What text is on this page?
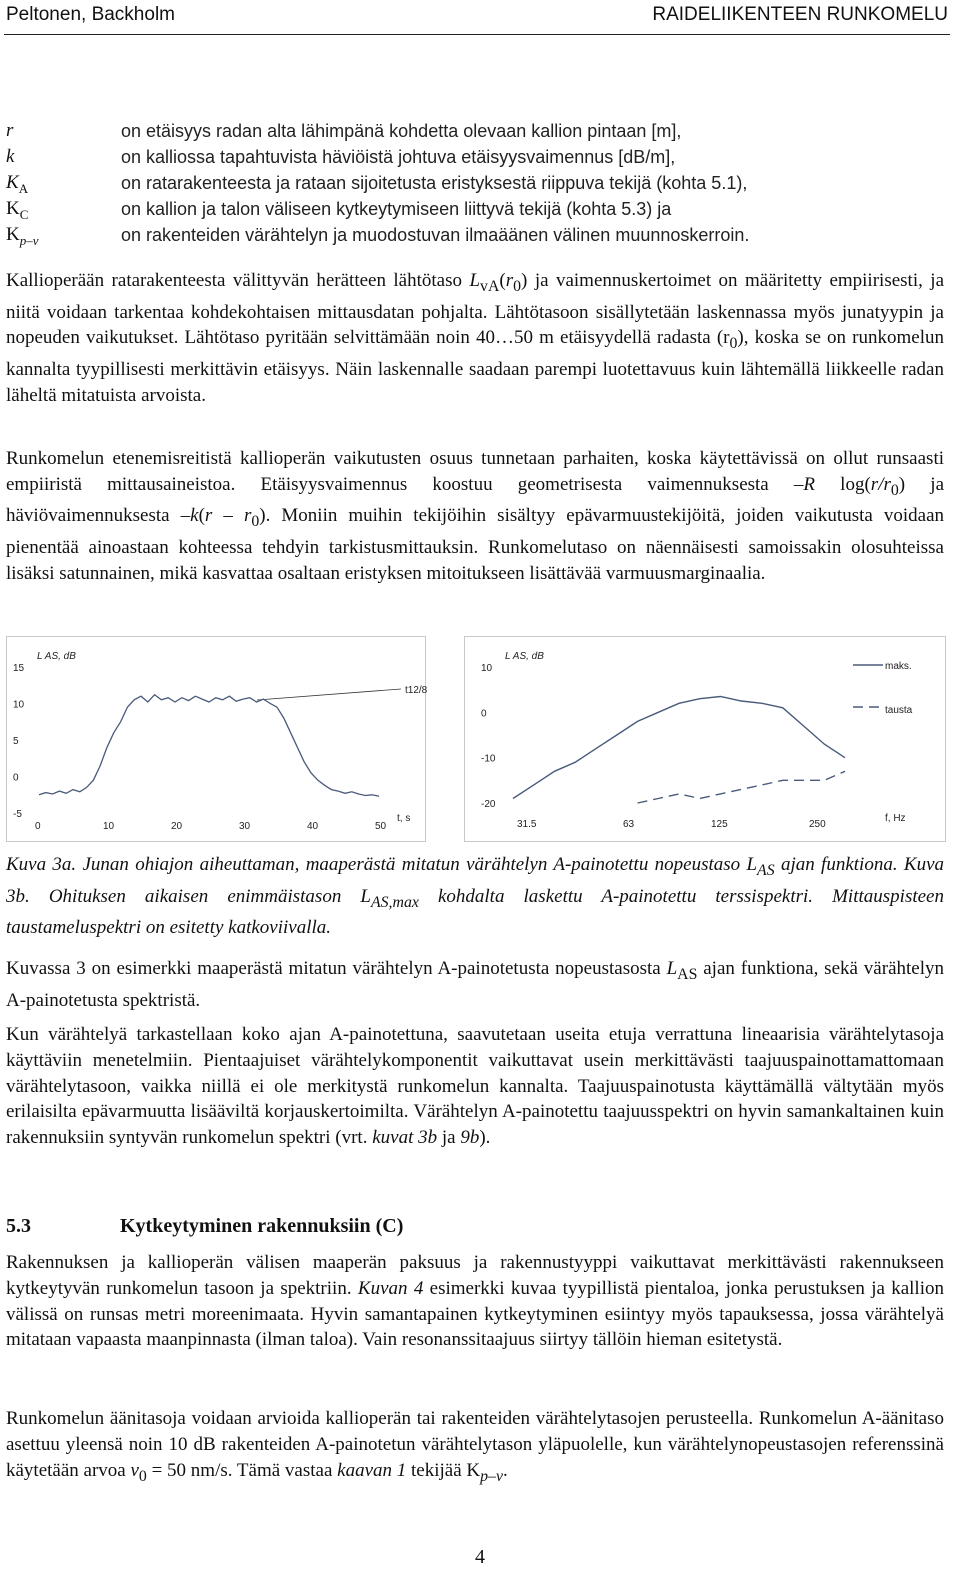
Peltonen, Backholm	RAIDELIIKENTEEN RUNKOMELU
r	on etäisyys radan alta lähimpänä kohdetta olevaan kallion pintaan [m],
k	on kalliossa tapahtuvista häviöistä johtuva etäisyysvaimennus [dB/m],
$K_A$	on ratarakenteesta ja rataan sijoitetusta eristyksestä riippuva tekijä (kohta 5.1),
$K_C$	on kallion ja talon väliseen kytkeytymiseen liittyvä tekijä (kohta 5.3) ja
$K_{p-v}$	on rakenteiden värähtelyn ja muodostuvan ilmaäänen välinen muunnoskerroin.

Kallioperään ratarakenteesta välittyvän herätteen lähtötaso $L_{vA}(r_0)$ ja vaimennuskertoimet on määritetty empiirisesti, ja niitä voidaan tarkentaa kohdekohtaisen mittausdatan pohjalta. Lähtötasoon sisällytetään laskennassa myös junatyypin ja nopeuden vaikutukset. Lähtötaso pyritään selvittämään noin 40…50 m etäisyydellä radasta $(r_0)$, koska se on runkomelun kannalta tyypillisesti merkittävin etäisyys. Näin laskennalle saadaan parempi luotettavuus kuin lähtemällä liikkeelle radan läheltä mitatuista arvoista.

Runkomelun etenemisreitistä kallioperän vaikutusten osuus tunnetaan parhaiten, koska käytettävissä on ollut runsaasti empiiristä mittausaineistoa. Etäisyysvaimennus koostuu geometrisesta vaimennuksesta –R $\log(r/r_0)$ ja häviövaimennuksesta $-k(r - r_0)$. Moniin muihin tekijöihin sisältyy epävarmuustekijöitä, joiden vaikutusta voidaan pienentää ainoastaan kohteessa tehdyin tarkistusmittauksin. Runkomelutaso on näennäisesti samoissakin olosuhteissa lisäksi satunnainen, mikä kasvattaa osaltaan eristyksen mitoitukseen lisättävää varmuusmarginaalia.

15
10
5
0
-5
0	10	20	30	40	50
L AS, dB
t, s
t12/8
10
0
-10
-20
31.5	63	125	250
L AS, dB
f, Hz
maks.
tausta

Kuva 3a. Junan ohiajon aiheuttaman, maaperästä mitatun värähtelyn A-painotettu nopeustaso $L_{AS}$ ajan funktiona. Kuva 3b. Ohituksen aikaisen enimmäistason $L_{AS,max}$ kohdalta laskettu A-painotettu terssispektri. Mittauspisteen taustameluspektri on esitetty katkoviivalla.

Kuvassa 3 on esimerkki maaperästä mitatun värähtelyn A-painotetusta nopeustasosta $L_{AS}$ ajan funktiona, sekä värähtelyn A-painotetusta spektristä.

Kun värähtelyä tarkastellaan koko ajan A-painotettuna, saavutetaan useita etuja verrattuna lineaarisia värähtelytasoja käyttäviin menetelmiin. Pientaajuiset värähtelykomponentit vaikuttavat usein merkittävästi taajuuspainottamattomaan värähtelytasoon, vaikka niillä ei ole merkitystä runkomelun kannalta. Taajuuspainotusta käyttämällä vältytään myös erilaisilta epävarmuutta lisääviltä korjauskertoimilta. Värähtelyn A-painotettu taajuusspektri on hyvin samankaltainen kuin rakennuksiin syntyvän runkomelun spektri (vrt. kuvat 3b ja 9b).

5.3	Kytkeytyminen rakennuksiin (C)

Rakennuksen ja kallioperän välisen maaperän paksuus ja rakennustyyppi vaikuttavat merkittävästi rakennukseen kytkeytyvän runkomelun tasoon ja spektriin. Kuvan 4 esimerkki kuvaa tyypillistä pientaloa, jonka perustuksen ja kallion välissä on runsas metri moreenimaata. Hyvin samantapainen kytkeytyminen esiintyy myös tapauksessa, jossa värähtelyä mitataan vapaasta maanpinnasta (ilman taloa). Vain resonanssitaajuus siirtyy tällöin hieman esitetystä.

Runkomelun äänitasoja voidaan arvioida kallioperän tai rakenteiden värähtelytasojen perusteella. Runkomelun A-äänitaso asettuu yleensä noin 10 dB rakenteiden A-painotetun värähtelytason yläpuolelle, kun värähtelynopeustasojen referenssinä käytetään arvoa $v_0 = 50$ nm/s. Tämä vastaa kaavan 1 tekijää $K_{p-v}$.

4
